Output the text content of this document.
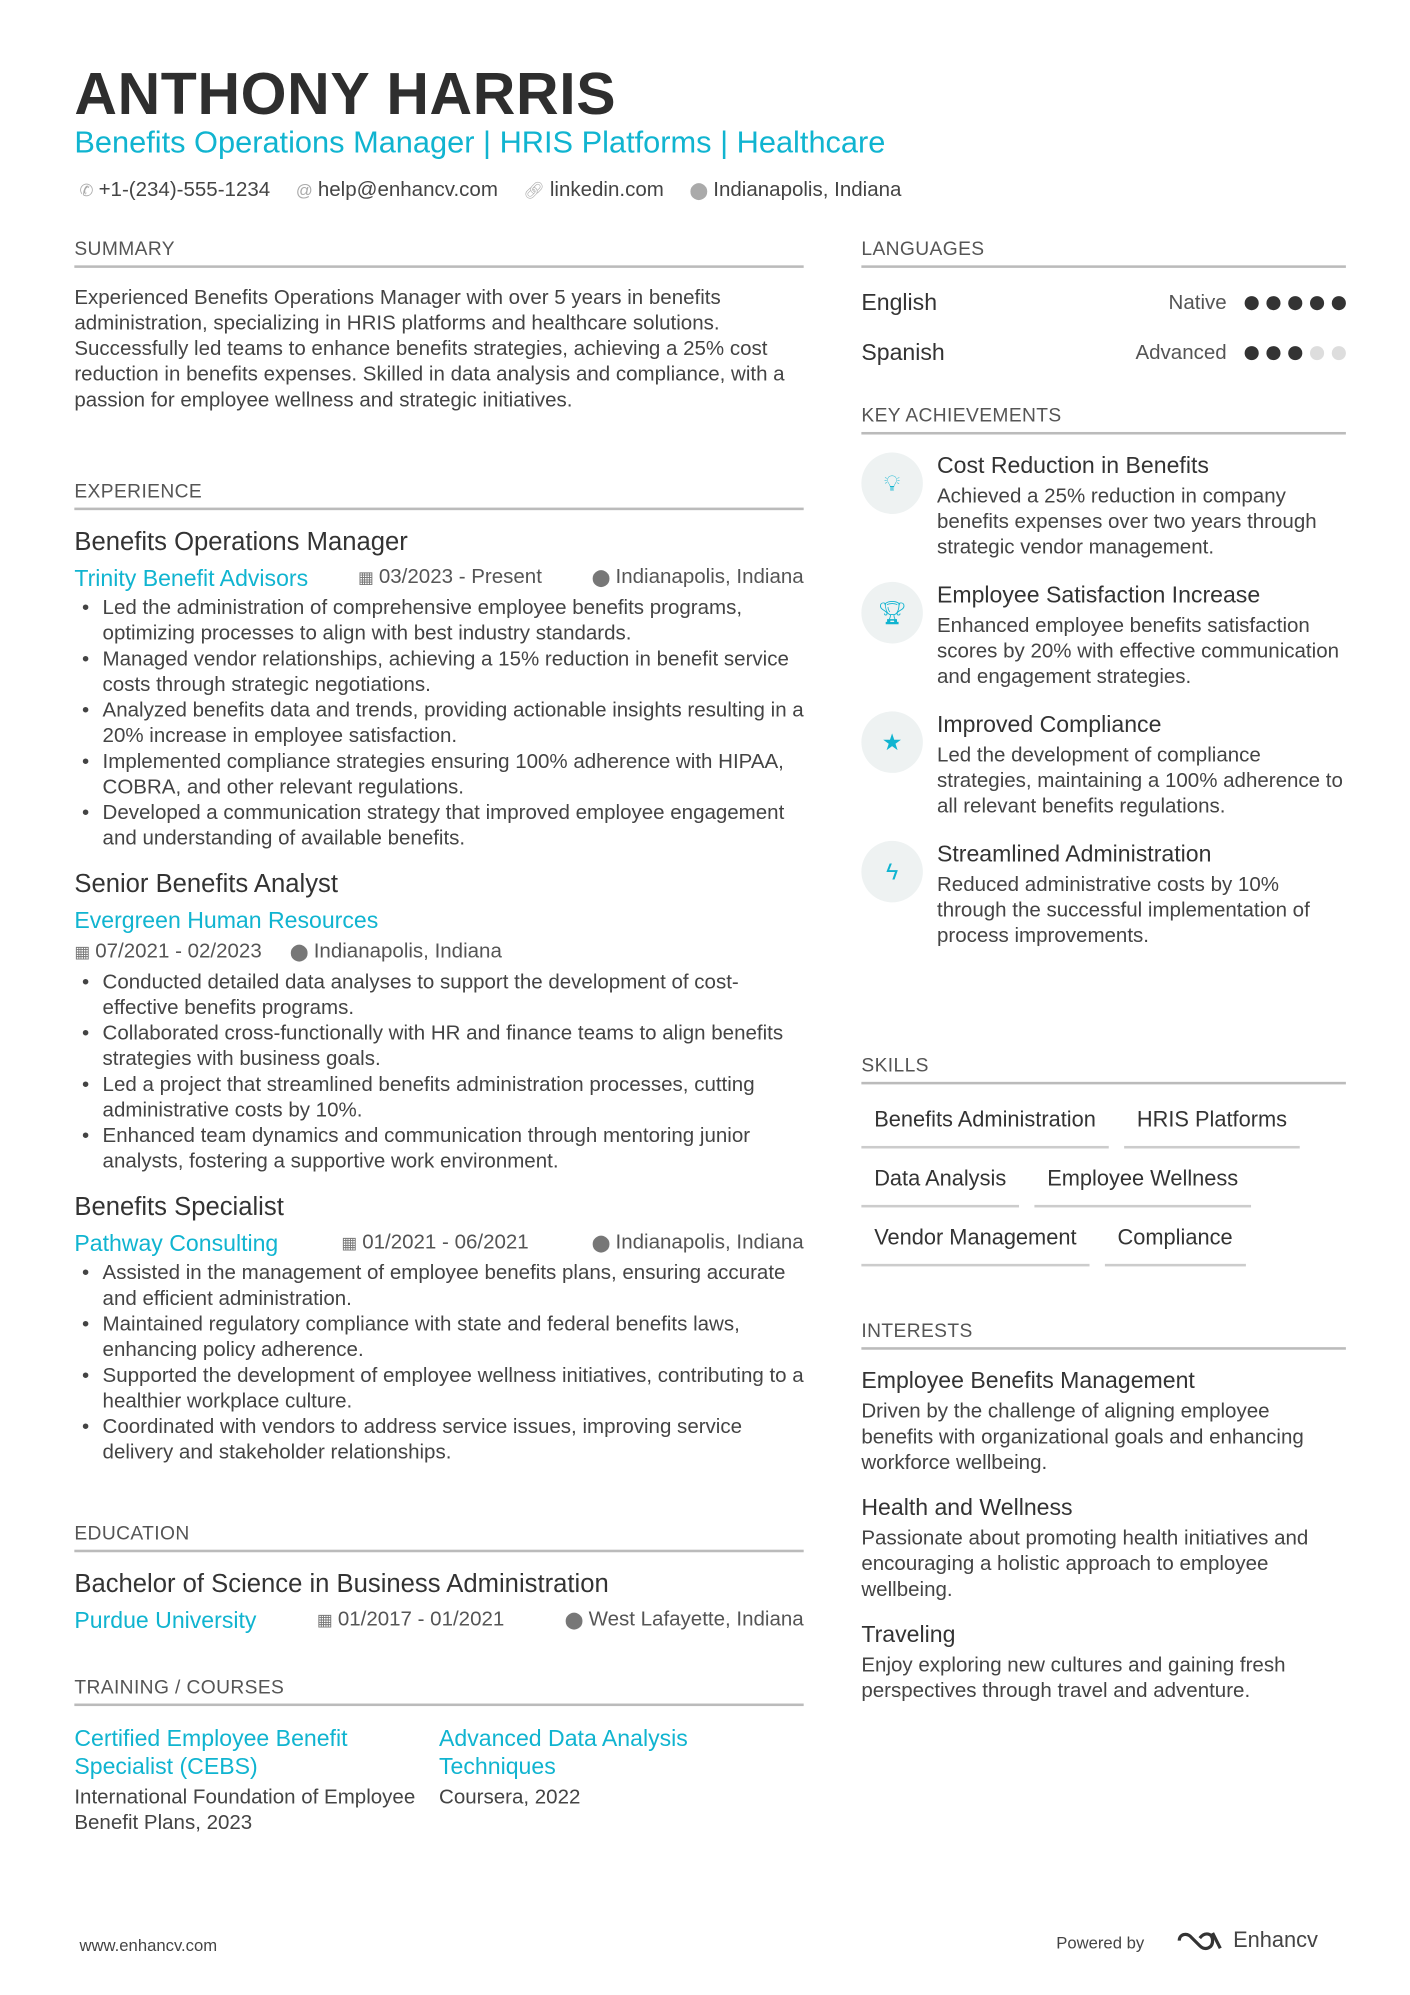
ANTHONY HARRIS
Benefits Operations Manager | HRIS Platforms | Healthcare
✆ +1-(234)-555-1234 @ help@enhancv.com 🔗︎ linkedin.com ⬤ Indianapolis, Indiana
SUMMARY
Experienced Benefits Operations Manager with over 5 years in benefits administration, specializing in HRIS platforms and healthcare solutions. Successfully led teams to enhance benefits strategies, achieving a 25% cost reduction in benefits expenses. Skilled in data analysis and compliance, with a passion for employee wellness and strategic initiatives.
EXPERIENCE
Benefits Operations Manager
Trinity Benefit Advisors	▦ 03/2023 - Present	⬤ Indianapolis, Indiana
• Led the administration of comprehensive employee benefits programs, optimizing processes to align with best industry standards.
• Managed vendor relationships, achieving a 15% reduction in benefit service costs through strategic negotiations.
• Analyzed benefits data and trends, providing actionable insights resulting in a 20% increase in employee satisfaction.
• Implemented compliance strategies ensuring 100% adherence with HIPAA, COBRA, and other relevant regulations.
• Developed a communication strategy that improved employee engagement and understanding of available benefits.
Senior Benefits Analyst
Evergreen Human Resources
▦ 07/2021 - 02/2023 ⬤ Indianapolis, Indiana
• Conducted detailed data analyses to support the development of cost-effective benefits programs.
• Collaborated cross-functionally with HR and finance teams to align benefits strategies with business goals.
• Led a project that streamlined benefits administration processes, cutting administrative costs by 10%.
• Enhanced team dynamics and communication through mentoring junior analysts, fostering a supportive work environment.
Benefits Specialist
Pathway Consulting	▦ 01/2021 - 06/2021	⬤ Indianapolis, Indiana
• Assisted in the management of employee benefits plans, ensuring accurate and efficient administration.
• Maintained regulatory compliance with state and federal benefits laws, enhancing policy adherence.
• Supported the development of employee wellness initiatives, contributing to a healthier workplace culture.
• Coordinated with vendors to address service issues, improving service delivery and stakeholder relationships.
EDUCATION
Bachelor of Science in Business Administration
Purdue University	▦ 01/2017 - 01/2021	⬤ West Lafayette, Indiana
TRAINING / COURSES
Certified Employee Benefit Specialist (CEBS)
International Foundation of Employee Benefit Plans, 2023
Advanced Data Analysis Techniques
Coursera, 2022
LANGUAGES
English	Native
Spanish	Advanced
KEY ACHIEVEMENTS
💡︎
Cost Reduction in Benefits
Achieved a 25% reduction in company benefits expenses over two years through strategic vendor management.
🏆︎
Employee Satisfaction Increase
Enhanced employee benefits satisfaction scores by 20% with effective communication and engagement strategies.
★
Improved Compliance
Led the development of compliance strategies, maintaining a 100% adherence to all relevant benefits regulations.
ϟ
Streamlined Administration
Reduced administrative costs by 10% through the successful implementation of process improvements.
SKILLS
Benefits Administration	HRIS Platforms
Data Analysis	Employee Wellness
Vendor Management	Compliance
INTERESTS
Employee Benefits Management
Driven by the challenge of aligning employee benefits with organizational goals and enhancing workforce wellbeing.
Health and Wellness
Passionate about promoting health initiatives and encouraging a holistic approach to employee wellbeing.
Traveling
Enjoy exploring new cultures and gaining fresh perspectives through travel and adventure.
www.enhancv.com	Powered by	Enhancv
